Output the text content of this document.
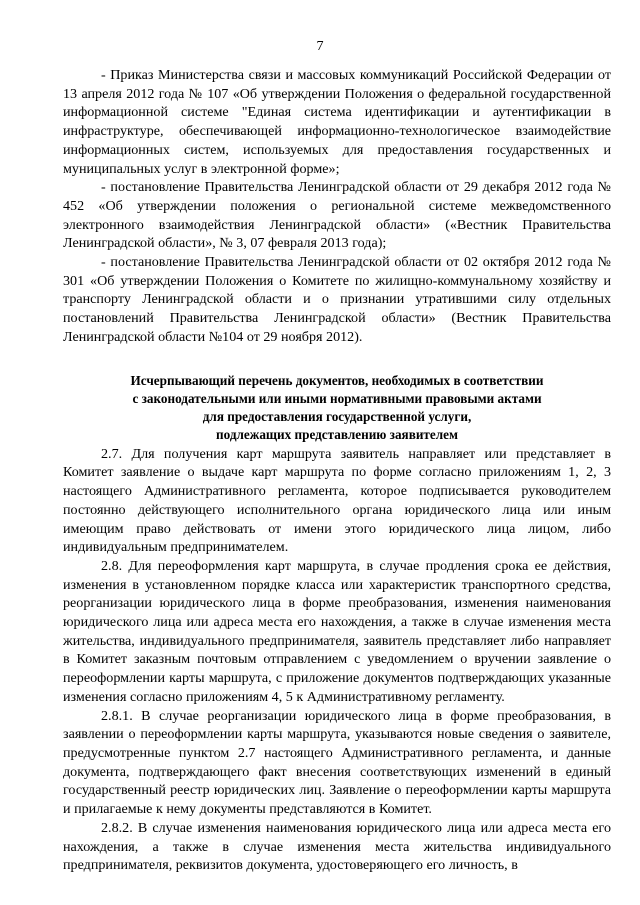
7

- Приказ Министерства связи и массовых коммуникаций Российской Федерации от 13 апреля 2012 года № 107 «Об утверждении Положения о федеральной государственной информационной системе "Единая система идентификации и аутентификации в инфраструктуре, обеспечивающей информационно-технологическое взаимодействие информационных систем, используемых для предоставления государственных и муниципальных услуг в электронной форме»;

- постановление Правительства Ленинградской области от 29 декабря 2012 года № 452 «Об утверждении положения о региональной системе межведомственного электронного взаимодействия Ленинградской области» («Вестник Правительства Ленинградской области», № 3, 07 февраля 2013 года);

- постановление Правительства Ленинградской области от 02 октября 2012 года № 301 «Об утверждении Положения о Комитете по жилищно-коммунальному хозяйству и транспорту Ленинградской области и о признании утратившими силу отдельных постановлений Правительства Ленинградской области» (Вестник Правительства Ленинградской области №104 от 29 ноября 2012).

Исчерпывающий перечень документов, необходимых в соответствии

с законодательными или иными нормативными правовыми актами

для предоставления государственной услуги,

подлежащих представлению заявителем

2.7. Для получения карт маршрута заявитель направляет или представляет в Комитет заявление о выдаче карт маршрута по форме согласно приложениям 1, 2, 3 настоящего Административного регламента, которое подписывается руководителем постоянно действующего исполнительного органа юридического лица или иным имеющим право действовать от имени этого юридического лица лицом, либо индивидуальным предпринимателем.

2.8. Для переоформления карт маршрута, в случае продления срока ее действия, изменения в установленном порядке класса или характеристик транспортного средства, реорганизации юридического лица в форме преобразования, изменения наименования юридического лица или адреса места его нахождения, а также в случае изменения места жительства, индивидуального предпринимателя, заявитель представляет либо направляет в Комитет заказным почтовым отправлением с уведомлением о вручении заявление о переоформлении карты маршрута, с приложение документов подтверждающих указанные изменения согласно приложениям 4, 5 к Административному регламенту.

2.8.1. В случае реорганизации юридического лица в форме преобразования, в заявлении о переоформлении карты маршрута, указываются новые сведения о заявителе, предусмотренные пунктом 2.7 настоящего Административного регламента, и данные документа, подтверждающего факт внесения соответствующих изменений в единый государственный реестр юридических лиц. Заявление о переоформлении карты маршрута и прилагаемые к нему документы представляются в Комитет.

2.8.2. В случае изменения наименования юридического лица или адреса места его нахождения, а также в случае изменения места жительства индивидуального предпринимателя, реквизитов документа, удостоверяющего его личность, в
